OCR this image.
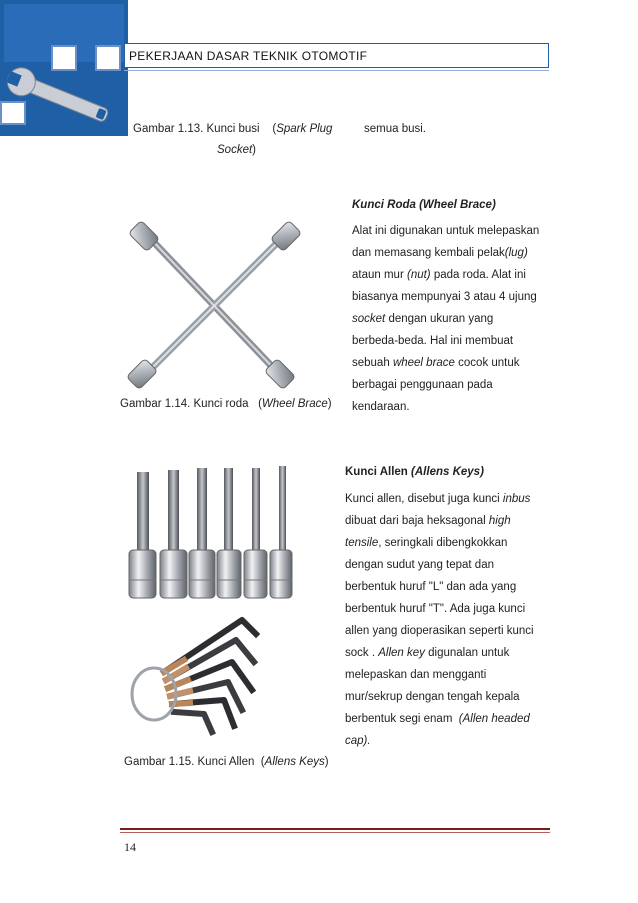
PEKERJAAN DASAR TEKNIK OTOMOTIF
Gambar 1.13. Kunci busi    (Spark Plug
Socket)
semua busi.
Gambar 1.14. Kunci roda   (Wheel Brace)
Kunci Roda (Wheel Brace)
Alat ini digunakan untuk melepaskan
dan memasang kembali pelak(lug)
ataun mur (nut) pada roda. Alat ini
biasanya mempunyai 3 atau 4 ujung
socket dengan ukuran yang
berbeda-beda. Hal ini membuat
sebuah wheel brace cocok untuk
berbagai penggunaan pada
kendaraan.
Gambar 1.15. Kunci Allen  (Allens Keys)
Kunci Allen (Allens Keys)
Kunci allen, disebut juga kunci inbus
dibuat dari baja heksagonal high
tensile, seringkali dibengkokkan
dengan sudut yang tepat dan
berbentuk huruf "L" dan ada yang
berbentuk huruf "T". Ada juga kunci
allen yang dioperasikan seperti kunci
sock . Allen key digunalan untuk
melepaskan dan mengganti
mur/sekrup dengan tengah kepala
berbentuk segi enam (Allen headed
cap).
14
